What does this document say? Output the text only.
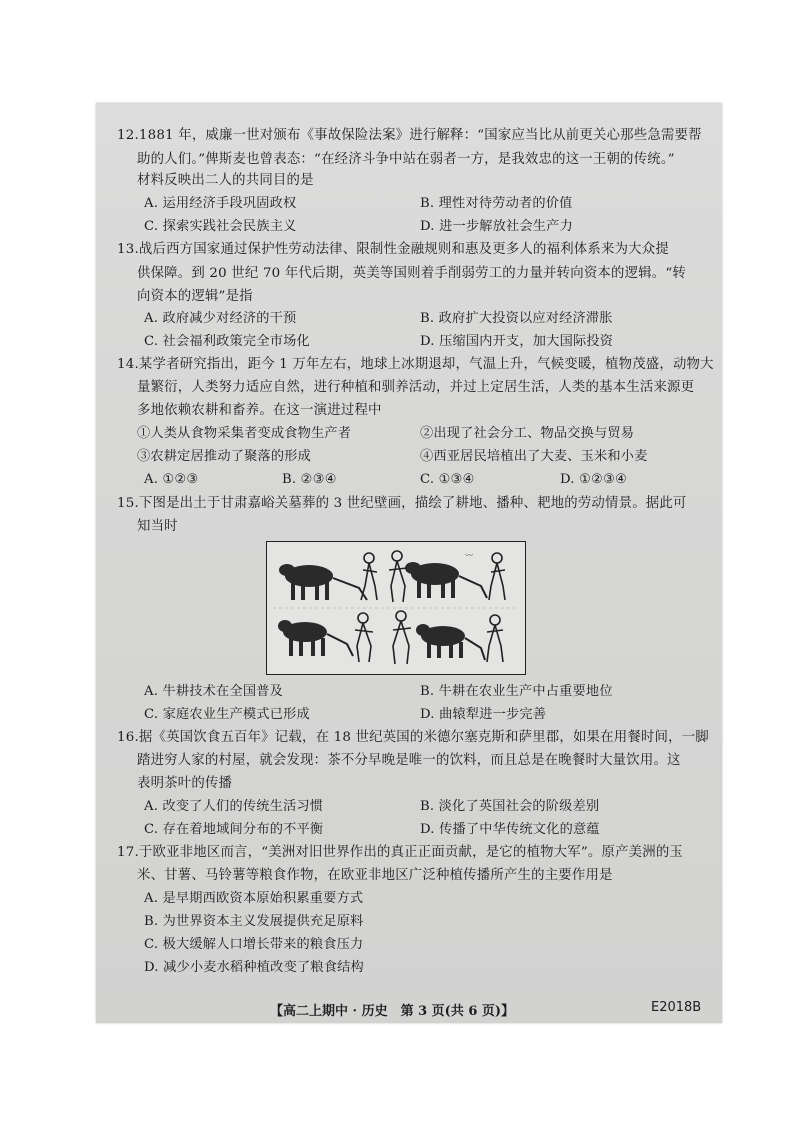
12.1881 年，威廉一世对颁布《事故保险法案》进行解释：“国家应当比从前更关心那些急需要帮
助的人们。”俾斯麦也曾表态：“在经济斗争中站在弱者一方，是我效忠的这一王朝的传统。”
材料反映出二人的共同目的是
A. 运用经济手段巩固政权	B. 理性对待劳动者的价值
C. 探索实践社会民族主义	D. 进一步解放社会生产力
13.战后西方国家通过保护性劳动法律、限制性金融规则和惠及更多人的福利体系来为大众提
供保障。到 20 世纪 70 年代后期，英美等国则着手削弱劳工的力量并转向资本的逻辑。“转
向资本的逻辑”是指
A. 政府减少对经济的干预	B. 政府扩大投资以应对经济滞胀
C. 社会福利政策完全市场化	D. 压缩国内开支，加大国际投资
14.某学者研究指出，距今 1 万年左右，地球上冰期退却，气温上升，气候变暖，植物茂盛，动物大
量繁衍，人类努力适应自然，进行种植和驯养活动，并过上定居生活，人类的基本生活来源更
多地依赖农耕和畜养。在这一演进过程中
①人类从食物采集者变成食物生产者	②出现了社会分工、物品交换与贸易
③农耕定居推动了聚落的形成	④西亚居民培植出了大麦、玉米和小麦
A. ①②③	B. ②③④	C. ①③④	D. ①②③④
15.下图是出土于甘肃嘉峪关墓葬的 3 世纪壁画，描绘了耕地、播种、耙地的劳动情景。据此可
知当时
〰
A. 牛耕技术在全国普及	B. 牛耕在农业生产中占重要地位
C. 家庭农业生产模式已形成	D. 曲辕犁进一步完善
16.据《英国饮食五百年》记载，在 18 世纪英国的米德尔塞克斯和萨里郡，如果在用餐时间，一脚
踏进穷人家的村屋，就会发现：茶不分早晚是唯一的饮料，而且总是在晚餐时大量饮用。这
表明茶叶的传播
A. 改变了人们的传统生活习惯	B. 淡化了英国社会的阶级差别
C. 存在着地域间分布的不平衡	D. 传播了中华传统文化的意蕴
17.于欧亚非地区而言，“美洲对旧世界作出的真正正面贡献，是它的植物大军”。原产美洲的玉
米、甘薯、马铃薯等粮食作物，在欧亚非地区广泛种植传播所产生的主要作用是
A. 是早期西欧资本原始积累重要方式
B. 为世界资本主义发展提供充足原料
C. 极大缓解人口增长带来的粮食压力
D. 减少小麦水稻种植改变了粮食结构
【高二上期中 · 历史　第 3 页(共 6 页)】	E2018B
